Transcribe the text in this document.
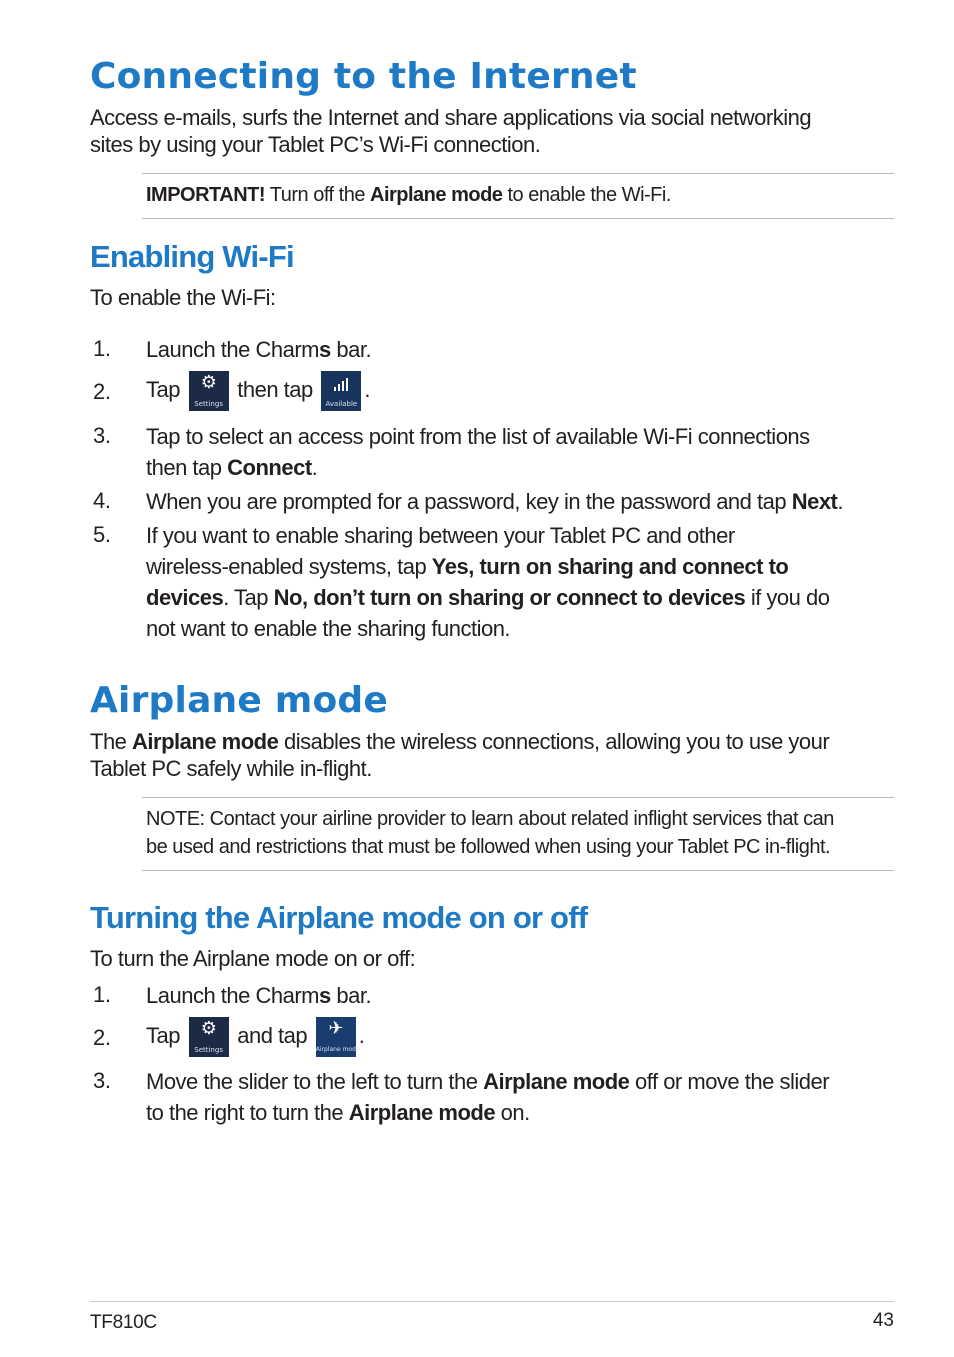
Connecting to the Internet
Access e-mails, surfs the Internet and share applications via social networking
sites by using your Tablet PC’s Wi-Fi connection.
IMPORTANT! Turn off the Airplane mode to enable the Wi-Fi.
Enabling Wi-Fi
To enable the Wi-Fi:
1. Launch the Charms bar.
2. Tap	⚙
Settings
then tap
Available
.
3. Tap to select an access point from the list of available Wi-Fi connections
then tap Connect.
4. When you are prompted for a password, key in the password and tap Next.
5. If you want to enable sharing between your Tablet PC and other
wireless-enabled systems, tap Yes, turn on sharing and connect to
devices. Tap No, don’t turn on sharing or connect to devices if you do
not want to enable the sharing function.
Airplane mode
The Airplane mode disables the wireless connections, allowing you to use your
Tablet PC safely while in-flight.
NOTE: Contact your airline provider to learn about related inflight services that can
be used and restrictions that must be followed when using your Tablet PC in-flight.
Turning the Airplane mode on or off
To turn the Airplane mode on or off:
1. Launch the Charms bar.
2. Tap	⚙
Settings
and tap	✈
Airplane mode
.
3. Move the slider to the left to turn the Airplane mode off or move the slider
to the right to turn the Airplane mode on.
TF810C	43
